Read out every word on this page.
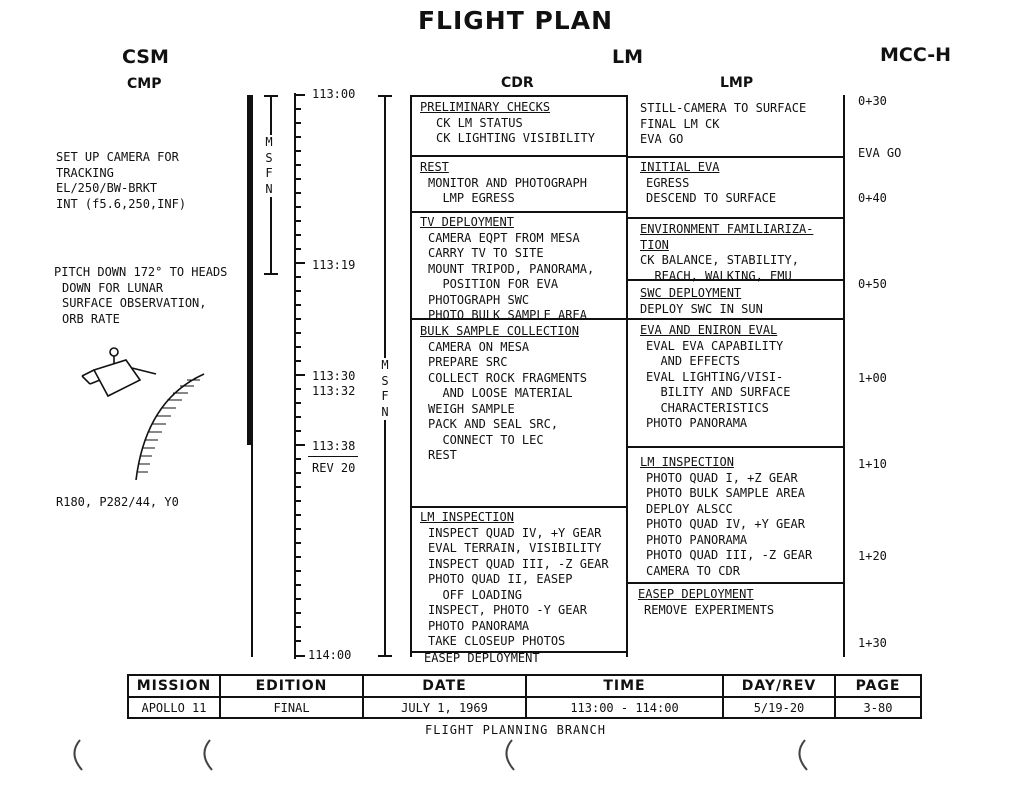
FLIGHT PLAN
CSM
CMP
LM
CDR	LMP
MCC-H
SET UP CAMERA FOR
TRACKING
EL/250/BW-BRKT
INT (f5.6,250,INF)
PITCH DOWN 172° TO HEADS
DOWN FOR LUNAR
SURFACE OBSERVATION,
ORB RATE
R180, P282/44, Y0
M
S
F
N
113:00
113:19
113:30
113:32
113:38
REV 20
114:00
M
S
F
N
PRELIMINARY CHECKS
CK LM STATUS
CK LIGHTING VISIBILITY
REST
MONITOR AND PHOTOGRAPH
LMP EGRESS
TV DEPLOYMENT
CAMERA EQPT FROM MESA
CARRY TV TO SITE
MOUNT TRIPOD, PANORAMA,
POSITION FOR EVA
PHOTOGRAPH SWC
PHOTO BULK SAMPLE AREA
BULK SAMPLE COLLECTION
CAMERA ON MESA
PREPARE SRC
COLLECT ROCK FRAGMENTS
AND LOOSE MATERIAL
WEIGH SAMPLE
PACK AND SEAL SRC,
CONNECT TO LEC
REST
LM INSPECTION
INSPECT QUAD IV, +Y GEAR
EVAL TERRAIN, VISIBILITY
INSPECT QUAD III, -Z GEAR
PHOTO QUAD II, EASEP
OFF LOADING
INSPECT, PHOTO -Y GEAR
PHOTO PANORAMA
TAKE CLOSEUP PHOTOS
EASEP DEPLOYMENT
STILL-CAMERA TO SURFACE
FINAL LM CK
EVA GO
INITIAL EVA
EGRESS
DESCEND TO SURFACE
ENVIRONMENT FAMILIARIZA-
TION
CK BALANCE, STABILITY,
REACH, WALKING, EMU
SWC DEPLOYMENT
DEPLOY SWC IN SUN
EVA AND ENIRON EVAL
EVAL EVA CAPABILITY
AND EFFECTS
EVAL LIGHTING/VISI-
BILITY AND SURFACE
CHARACTERISTICS
PHOTO PANORAMA
LM INSPECTION
PHOTO QUAD I, +Z GEAR
PHOTO BULK SAMPLE AREA
DEPLOY ALSCC
PHOTO QUAD IV, +Y GEAR
PHOTO PANORAMA
PHOTO QUAD III, -Z GEAR
CAMERA TO CDR
EASEP DEPLOYMENT
REMOVE EXPERIMENTS
0+30
EVA GO
0+40
0+50
1+00
1+10
1+20
1+30
MISSION	EDITION	DATE	TIME	DAY/REV	PAGE
APOLLO 11	FINAL	JULY 1, 1969	113:00 - 114:00	5/19-20	3-80
FLIGHT PLANNING BRANCH
